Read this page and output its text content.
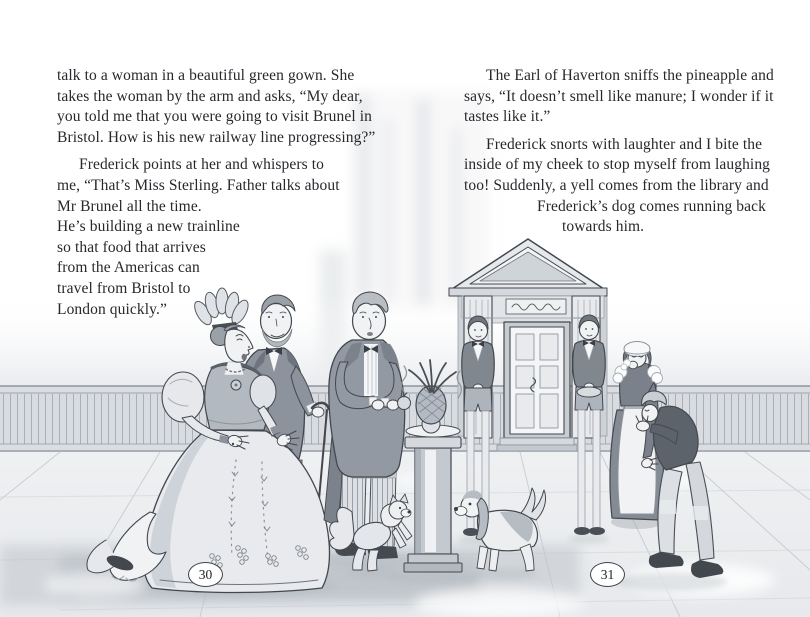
talk to a woman in a beautiful green gown. She
takes the woman by the arm and asks, “My dear,
you told me that you were going to visit Brunel in
Bristol. How is his new railway line progressing?”
Frederick points at her and whispers to
me, “That’s Miss Sterling. Father talks about
Mr Brunel all the time.
He’s building a new trainline
so that food that arrives
from the Americas can
travel from Bristol to
London quickly.”
The Earl of Haverton sniffs the pineapple and
says, “It doesn’t smell like manure; I wonder if it
tastes like it.”
Frederick snorts with laughter and I bite the
inside of my cheek to stop myself from laughing
too! Suddenly, a yell comes from the library and
Frederick’s dog comes running back
towards him.
30	31
